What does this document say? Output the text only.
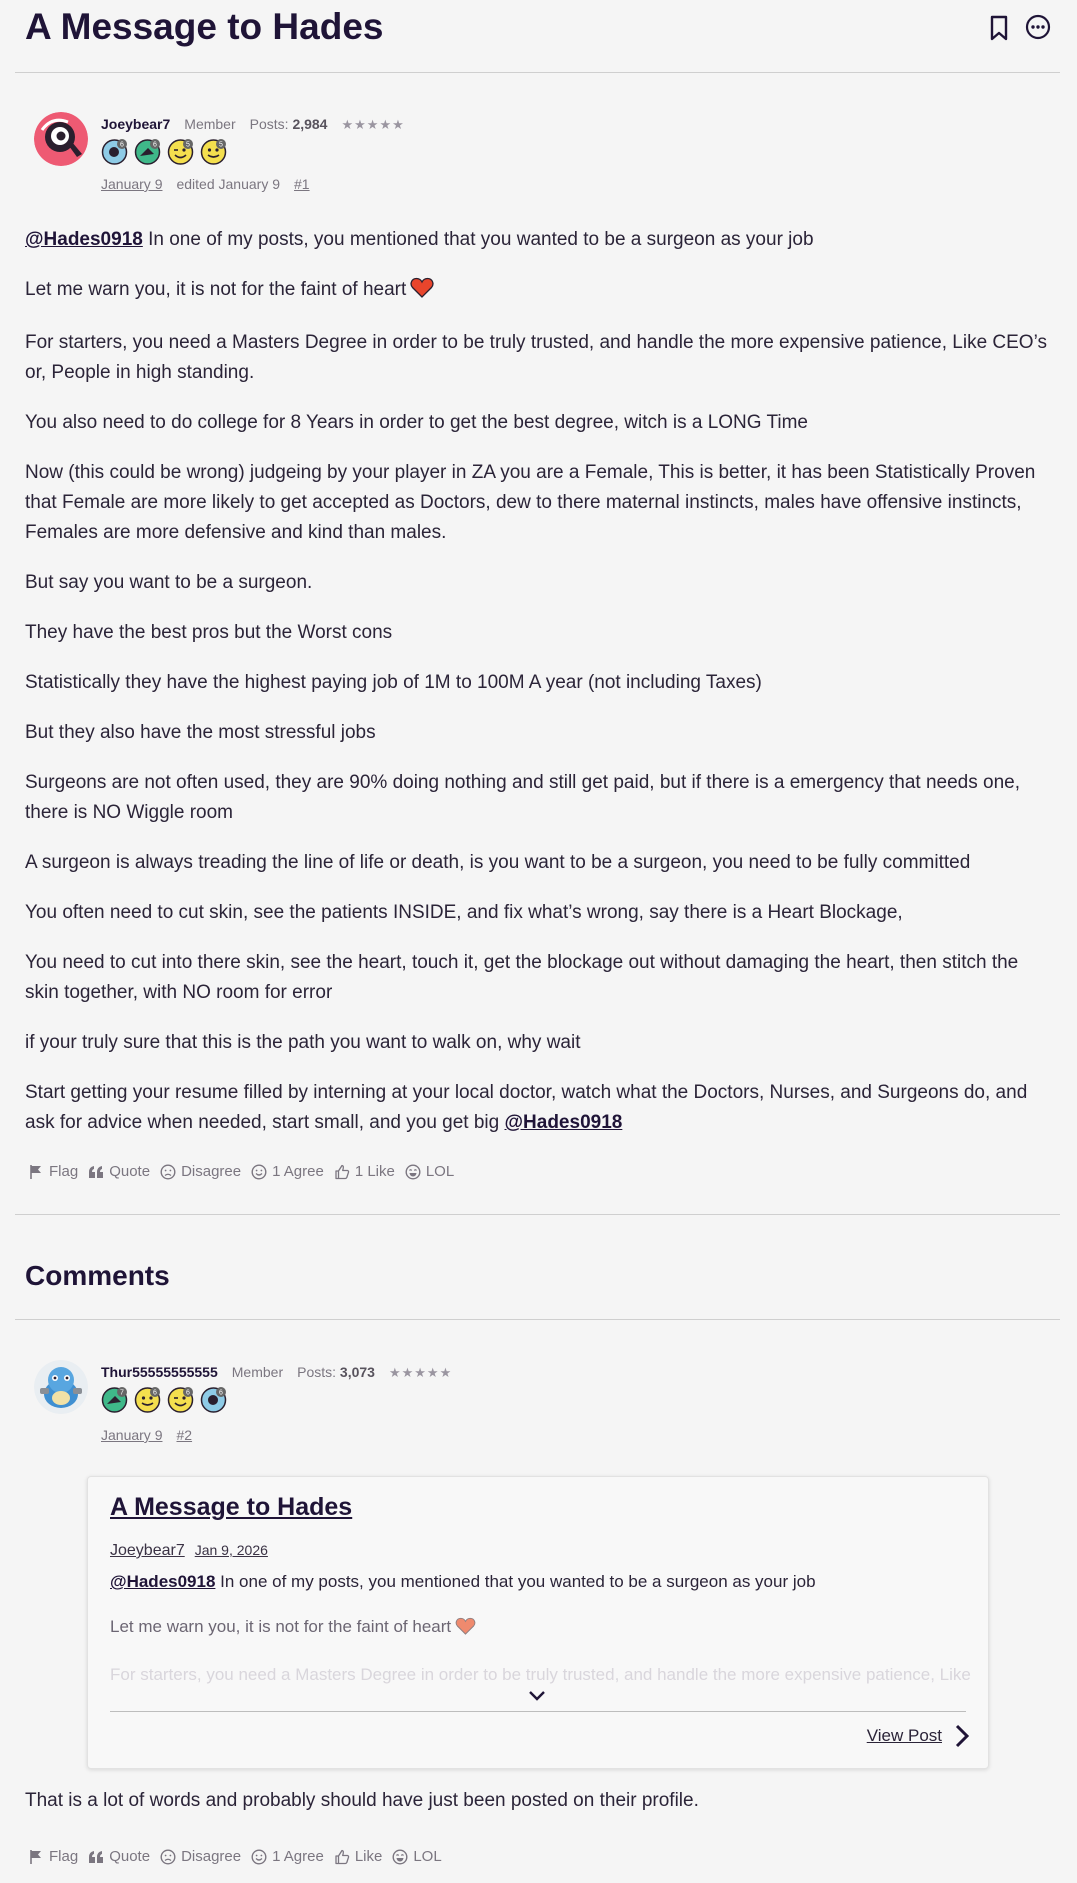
A Message to Hades
Joeybear7 Member Posts: 2,984 ★★★★★
6	6	5	5
January 9 edited January 9 #1

@Hades0918 In one of my posts, you mentioned that you wanted to be a surgeon as your job

Let me warn you, it is not for the faint of heart

For starters, you need a Masters Degree in order to be truly trusted, and handle the more expensive patience, Like CEO’s or, People in high standing.

You also need to do college for 8 Years in order to get the best degree, witch is a LONG Time

Now (this could be wrong) judgeing by your player in ZA you are a Female, This is better, it has been Statistically Proven that Female are more likely to get accepted as Doctors, dew to there maternal instincts, males have offensive instincts, Females are more defensive and kind than males.

But say you want to be a surgeon.

They have the best pros but the Worst cons

Statistically they have the highest paying job of 1M to 100M A year (not including Taxes)

But they also have the most stressful jobs

Surgeons are not often used, they are 90% doing nothing and still get paid, but if there is a emergency that needs one, there is NO Wiggle room

A surgeon is always treading the line of life or death, is you want to be a surgeon, you need to be fully committed

You often need to cut skin, see the patients INSIDE, and fix what’s wrong, say there is a Heart Blockage,

You need to cut into there skin, see the heart, touch it, get the blockage out without damaging the heart, then stitch the skin together, with NO room for error

if your truly sure that this is the path you want to walk on, why wait

Start getting your resume filled by interning at your local doctor, watch what the Doctors, Nurses, and Surgeons do, and ask for advice when needed, start small, and you get big @Hades0918

Flag Quote Disagree 1 Agree 1 Like LOL
Comments
Thur55555555555 Member Posts: 3,073 ★★★★★
7	6	6	6
January 9 #2
A Message to Hades
Joeybear7 Jan 9, 2026

@Hades0918 In one of my posts, you mentioned that you wanted to be a surgeon as your job

Let me warn you, it is not for the faint of heart

For starters, you need a Masters Degree in order to be truly trusted, and handle the more expensive patience, Like

View Post
That is a lot of words and probably should have just been posted on their profile.
Flag Quote Disagree 1 Agree Like LOL
